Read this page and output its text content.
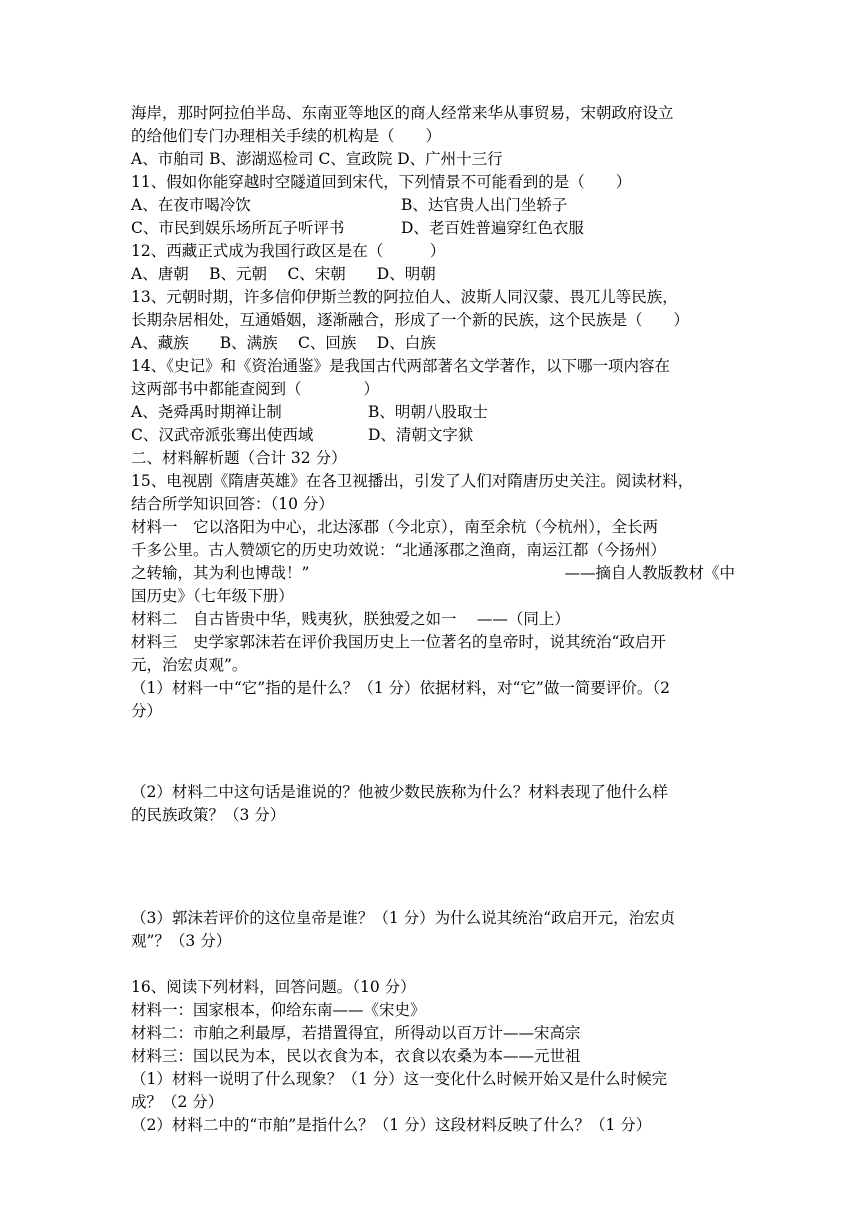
海岸，那时阿拉伯半岛、东南亚等地区的商人经常来华从事贸易，宋朝政府设立
的给他们专门办理相关手续的机构是（　　）
A、市舶司 B、澎湖巡检司 C、宣政院 D、广州十三行
11、假如你能穿越时空隧道回到宋代，下列情景不可能看到的是（　　）
A、在夜市喝冷饮	B、达官贵人出门坐轿子
C、市民到娱乐场所瓦子听评书	D、老百姓普遍穿红色衣服
12、西藏正式成为我国行政区是在（　　　）
A、唐朝　 B、元朝　 C、宋朝　　D、明朝
13、元朝时期，许多信仰伊斯兰教的阿拉伯人、波斯人同汉蒙、畏兀儿等民族，
长期杂居相处，互通婚姻，逐渐融合，形成了一个新的民族，这个民族是（　　）
A、藏族　　B、满族　 C、回族　 D、白族
14、《史记》和《资治通鉴》是我国古代两部著名文学著作，以下哪一项内容在
这两部书中都能查阅到（　　　　）
A、尧舜禹时期禅让制	B、明朝八股取士
C、汉武帝派张骞出使西域	D、清朝文字狱
二、材料解析题（合计 32 分）
15、电视剧《隋唐英雄》在各卫视播出，引发了人们对隋唐历史关注。阅读材料，
结合所学知识回答：（10 分）
材料一　它以洛阳为中心，北达涿郡（今北京），南至余杭（今杭州），全长两
千多公里。古人赞颂它的历史功效说：“北通涿郡之渔商，南运江都（今扬州）
之转输，其为利也博哉！”	——摘自人教版教材《中
国历史》（七年级下册）
材料二　自古皆贵中华，贱夷狄，朕独爱之如一　 ——（同上）
材料三　史学家郭沫若在评价我国历史上一位著名的皇帝时，说其统治“政启开
元，治宏贞观”。
（1）材料一中“它”指的是什么？（1 分）依据材料，对“它”做一简要评价。（2
分）
（2）材料二中这句话是谁说的？他被少数民族称为什么？材料表现了他什么样
的民族政策？（3 分）
（3）郭沫若评价的这位皇帝是谁？（1 分）为什么说其统治“政启开元，治宏贞
观”？（3 分）
16、阅读下列材料，回答问题。（10 分）
材料一：国家根本，仰给东南——《宋史》
材料二：市舶之利最厚，若措置得宜，所得动以百万计——宋高宗
材料三：国以民为本，民以衣食为本，衣食以农桑为本——元世祖
（1）材料一说明了什么现象？（1 分）这一变化什么时候开始又是什么时候完
成？（2 分）
（2）材料二中的“市舶”是指什么？（1 分）这段材料反映了什么？（1 分）
